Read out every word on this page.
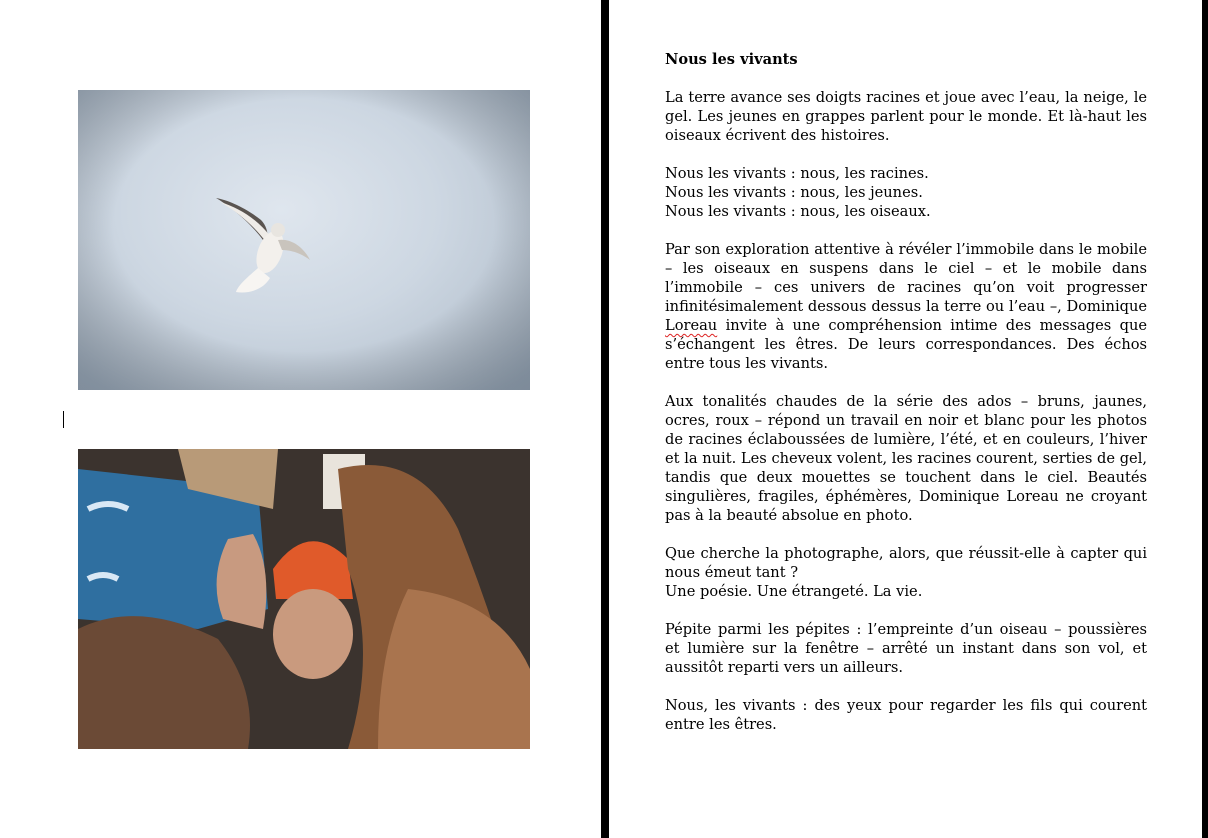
Nous les vivants

La terre avance ses doigts racines et joue avec l’eau, la neige, le gel. Les jeunes en grappes parlent pour le monde. Et là-haut les oiseaux écrivent des histoires.

Nous les vivants : nous, les racines.
Nous les vivants : nous, les jeunes.
Nous les vivants : nous, les oiseaux.

Par son exploration attentive à révéler l’immobile dans le mobile – les oiseaux en suspens dans le ciel – et le mobile dans l’immobile – ces univers de racines qu’on voit progresser infinitésimalement dessous dessus la terre ou l’eau –, Dominique Loreau invite à une compréhension intime des messages que s’échangent les êtres. De leurs correspondances. Des échos entre tous les vivants.

Aux tonalités chaudes de la série des ados – bruns, jaunes, ocres, roux – répond un travail en noir et blanc pour les photos de racines éclaboussées de lumière, l’été, et en couleurs, l’hiver et la nuit. Les cheveux volent, les racines courent, serties de gel, tandis que deux mouettes se touchent dans le ciel. Beautés singulières, fragiles, éphémères, Dominique Loreau ne croyant pas à la beauté absolue en photo.

Que cherche la photographe, alors, que réussit-elle à capter qui nous émeut tant ?
Une poésie. Une étrangeté. La vie.

Pépite parmi les pépites : l’empreinte d’un oiseau – poussières et lumière sur la fenêtre – arrêté un instant dans son vol, et aussitôt reparti vers un ailleurs.

Nous, les vivants : des yeux pour regarder les fils qui courent entre les êtres.
